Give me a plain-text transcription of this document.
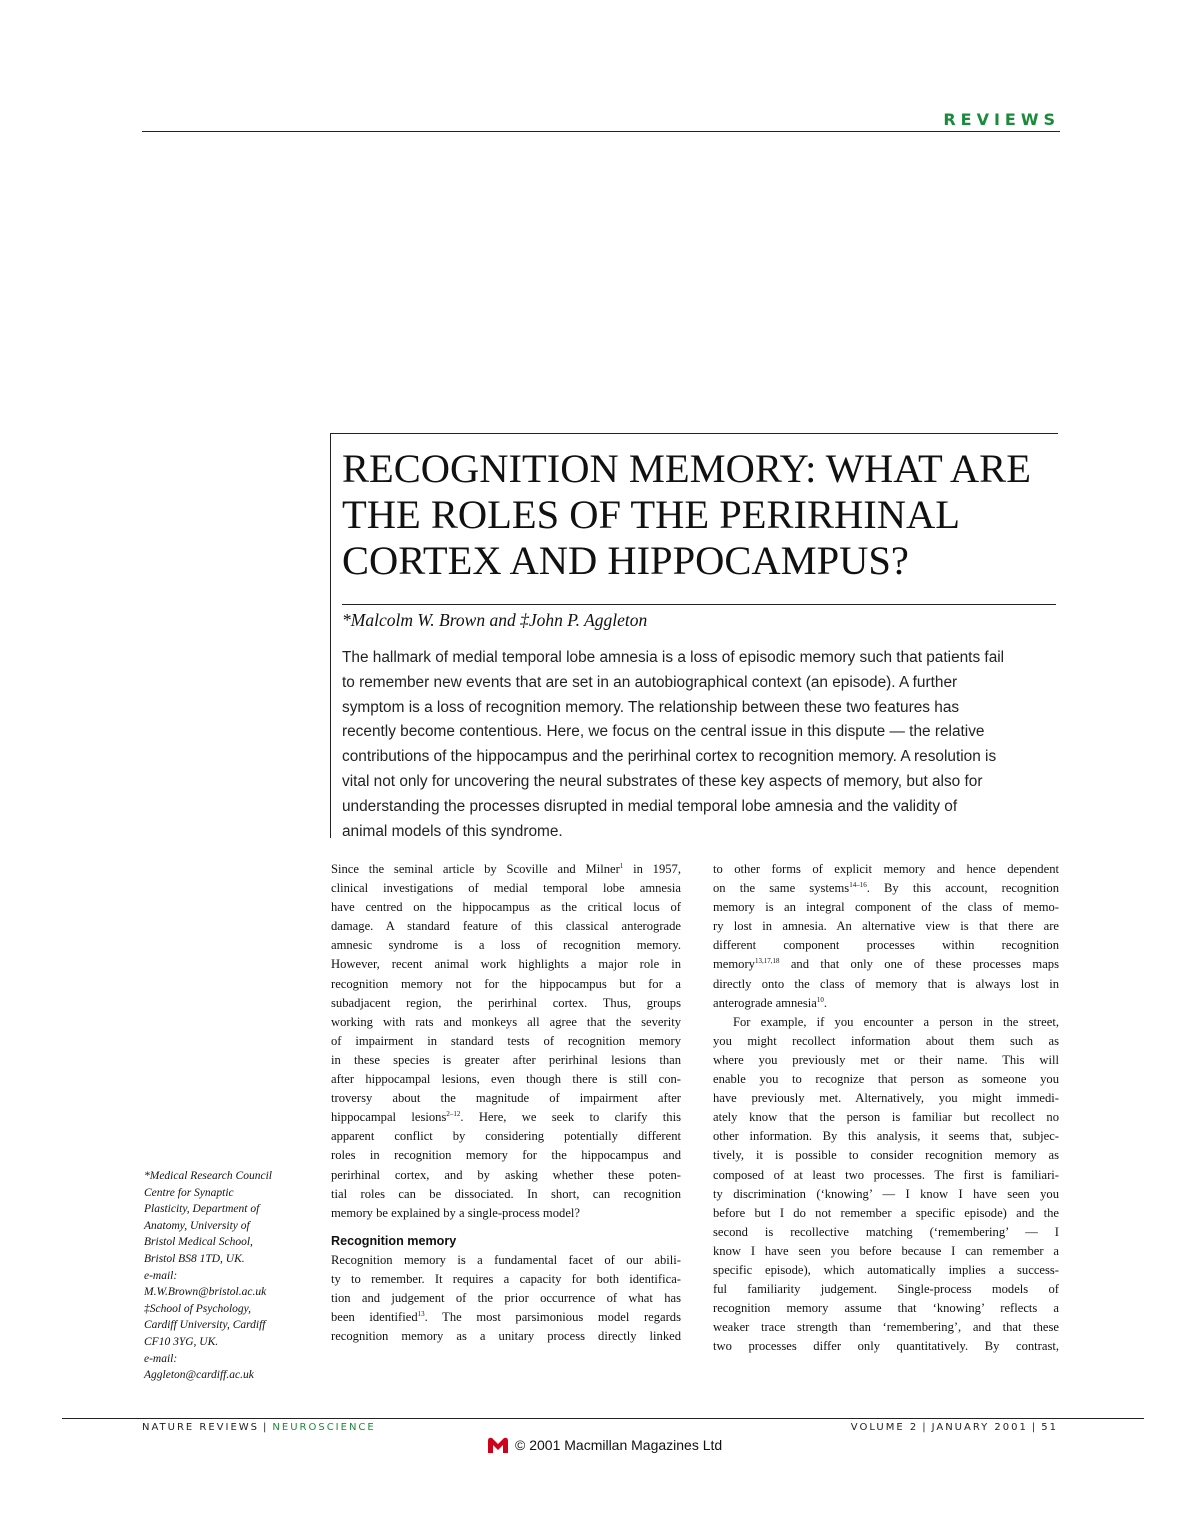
REVIEWS
RECOGNITION MEMORY: WHAT ARE
THE ROLES OF THE PERIRHINAL
CORTEX AND HIPPOCAMPUS?
*Malcolm W. Brown and ‡John P. Aggleton
The hallmark of medial temporal lobe amnesia is a loss of episodic memory such that patients fail
to remember new events that are set in an autobiographical context (an episode). A further
symptom is a loss of recognition memory. The relationship between these two features has
recently become contentious. Here, we focus on the central issue in this dispute — the relative
contributions of the hippocampus and the perirhinal cortex to recognition memory. A resolution is
vital not only for uncovering the neural substrates of these key aspects of memory, but also for
understanding the processes disrupted in medial temporal lobe amnesia and the validity of
animal models of this syndrome.
Since the seminal article by Scoville and Milner$^1$ in 1957,
clinical investigations of medial temporal lobe amnesia
have centred on the hippocampus as the critical locus of
damage. A standard feature of this classical anterograde
amnesic syndrome is a loss of recognition memory.
However, recent animal work highlights a major role in
recognition memory not for the hippocampus but for a
subadjacent region, the perirhinal cortex. Thus, groups
working with rats and monkeys all agree that the severity
of impairment in standard tests of recognition memory
in these species is greater after perirhinal lesions than
after hippocampal lesions, even though there is still con-
troversy about the magnitude of impairment after
hippocampal lesions$^{2-12}$. Here, we seek to clarify this
apparent conflict by considering potentially different
roles in recognition memory for the hippocampus and
perirhinal cortex, and by asking whether these poten-
tial roles can be dissociated. In short, can recognition
memory be explained by a single-process model?
Recognition memory
Recognition memory is a fundamental facet of our abili-
ty to remember. It requires a capacity for both identifica-
tion and judgement of the prior occurrence of what has
been identified$^{13}$. The most parsimonious model regards
recognition memory as a unitary process directly linked
to other forms of explicit memory and hence dependent
on the same systems$^{14-16}$. By this account, recognition
memory is an integral component of the class of memo-
ry lost in amnesia. An alternative view is that there are
different component processes within recognition
memory$^{13,17,18}$ and that only one of these processes maps
directly onto the class of memory that is always lost in
anterograde amnesia$^{10}$.
For example, if you encounter a person in the street,
you might recollect information about them such as
where you previously met or their name. This will
enable you to recognize that person as someone you
have previously met. Alternatively, you might immedi-
ately know that the person is familiar but recollect no
other information. By this analysis, it seems that, subjec-
tively, it is possible to consider recognition memory as
composed of at least two processes. The first is familiari-
ty discrimination (‘knowing’ — I know I have seen you
before but I do not remember a specific episode) and the
second is recollective matching (‘remembering’ — I
know I have seen you before because I can remember a
specific episode), which automatically implies a success-
ful familiarity judgement. Single-process models of
recognition memory assume that ‘knowing’ reflects a
weaker trace strength than ‘remembering’, and that these
two processes differ only quantitatively. By contrast,
*Medical Research Council
Centre for Synaptic
Plasticity, Department of
Anatomy, University of
Bristol Medical School,
Bristol BS8 1TD, UK.
e-mail:
M.W.Brown@bristol.ac.uk
‡School of Psychology,
Cardiff University, Cardiff
CF10 3YG, UK.
e-mail:
Aggleton@cardiff.ac.uk
NATURE REVIEWS | NEUROSCIENCE	VOLUME 2 | JANUARY 2001 | 51
© 2001 Macmillan Magazines Ltd
